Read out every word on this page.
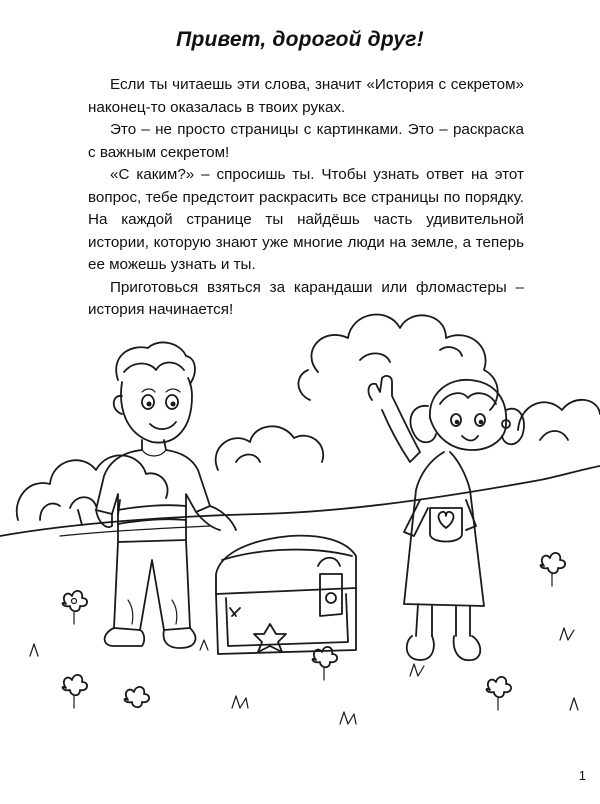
Привет, дорогой друг!

Если ты читаешь эти слова, значит «История с секретом» наконец-то оказалась в твоих руках.

Это – не просто страницы с картинками. Это – раскраска с важным секретом!

«С каким?» – спросишь ты. Чтобы узнать ответ на этот вопрос, тебе предстоит раскрасить все страницы по порядку. На каждой странице ты найдёшь часть удивительной истории, которую знают уже многие люди на земле, а теперь ее можешь узнать и ты.

Приготовься взяться за карандаши или фломастеры – история начинается!

1
